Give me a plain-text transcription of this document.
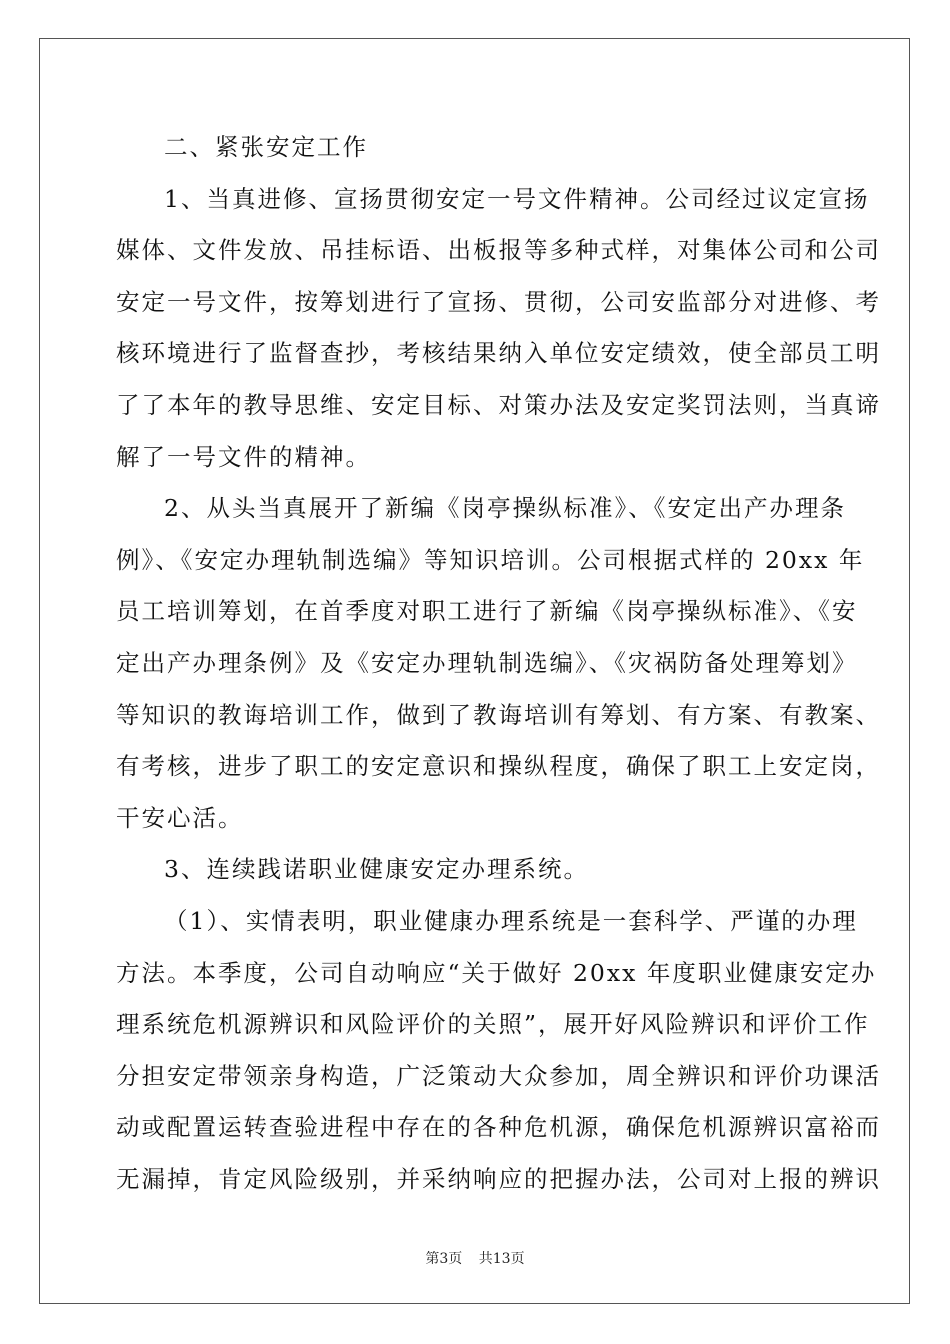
二、紧张安定工作
1、当真进修、宣扬贯彻安定一号文件精神。公司经过议定宣扬
媒体、文件发放、吊挂标语、出板报等多种式样，对集体公司和公司
安定一号文件，按筹划进行了宣扬、贯彻，公司安监部分对进修、考
核环境进行了监督查抄，考核结果纳入单位安定绩效，使全部员工明
了了本年的教导思维、安定目标、对策办法及安定奖罚法则，当真谛
解了一号文件的精神。
2、从头当真展开了新编《岗亭操纵标准》、《安定出产办理条
例》、《安定办理轨制选编》等知识培训。公司根据式样的 20xx 年
员工培训筹划，在首季度对职工进行了新编《岗亭操纵标准》、《安
定出产办理条例》及《安定办理轨制选编》、《灾祸防备处理筹划》
等知识的教诲培训工作，做到了教诲培训有筹划、有方案、有教案、
有考核，进步了职工的安定意识和操纵程度，确保了职工上安定岗，
干安心活。
3、连续践诺职业健康安定办理系统。
（1）、实情表明，职业健康办理系统是一套科学、严谨的办理
方法。本季度，公司自动响应“关于做好 20xx 年度职业健康安定办
理系统危机源辨识和风险评价的关照”，展开好风险辨识和评价工作
分担安定带领亲身构造，广泛策动大众参加，周全辨识和评价功课活
动或配置运转查验进程中存在的各种危机源，确保危机源辨识富裕而
无漏掉，肯定风险级别，并采纳响应的把握办法，公司对上报的辨识
第3页 共13页
